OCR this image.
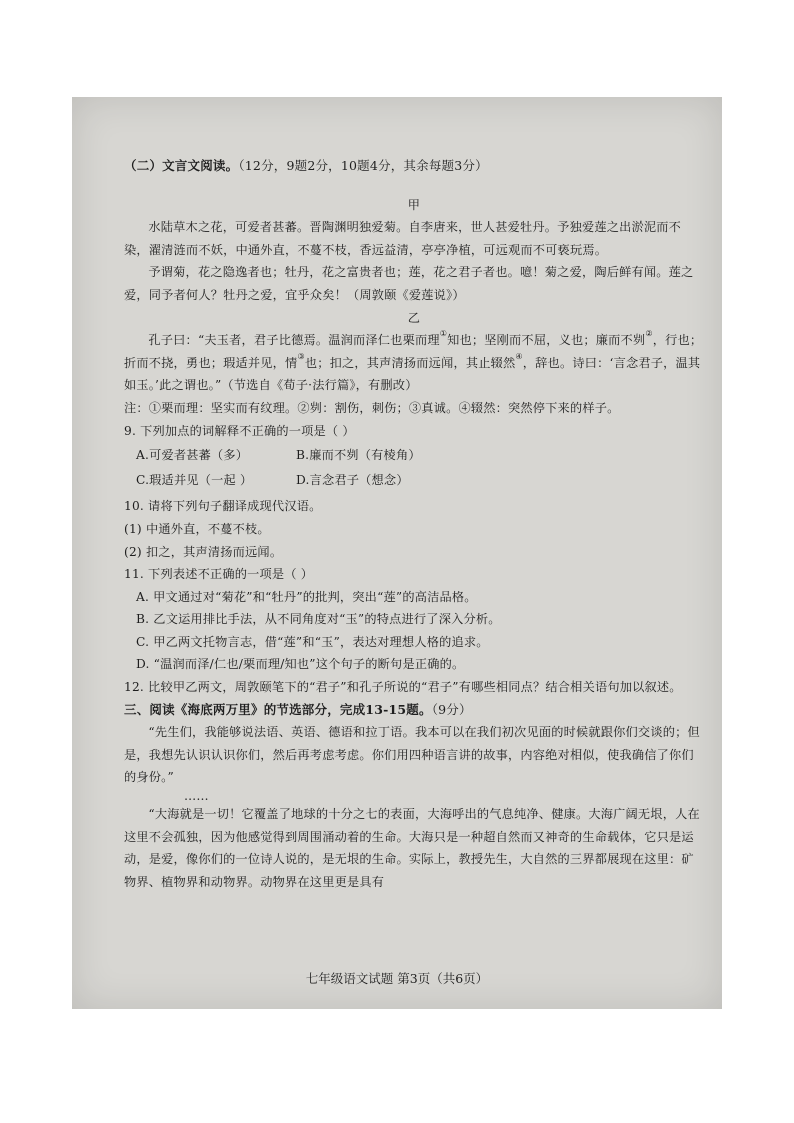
（二）文言文阅读。（12分，9题2分，10题4分，其余每题3分）
甲

水陆草木之花，可爱者甚蕃。晋陶渊明独爱菊。自李唐来，世人甚爱牡丹。予独爱莲之出淤泥而不染，濯清涟而不妖，中通外直，不蔓不枝，香远益清，亭亭净植，可远观而不可亵玩焉。

予谓菊，花之隐逸者也；牡丹，花之富贵者也；莲，花之君子者也。噫！菊之爱，陶后鲜有闻。莲之爱，同予者何人？牡丹之爱，宜乎众矣！（周敦颐《爱莲说》）

乙

孔子曰：“夫玉者，君子比德焉。温润而泽仁也栗而理①知也；坚刚而不屈，义也；廉而不刿②，行也；折而不挠，勇也；瑕适并见，情③也；扣之，其声清扬而远闻，其止辍然④，辞也。诗曰：‘言念君子，温其如玉。’此之谓也。”（节选自《荀子·法行篇》，有删改）

注：①栗而理：坚实而有纹理。②刿：割伤，刺伤；③真诚。④辍然：突然停下来的样子。

9. 下列加点的词解释不正确的一项是（ ）

A.可爱者甚蕃（多）	B.廉而不刿（有棱角）
C.瑕适并见（一起 ）	D.言念君子（想念）

10. 请将下列句子翻译成现代汉语。

(1) 中通外直，不蔓不枝。

(2) 扣之，其声清扬而远闻。

11. 下列表述不正确的一项是（ ）

A. 甲文通过对“菊花”和“牡丹”的批判，突出“莲”的高洁品格。

B. 乙文运用排比手法，从不同角度对“玉”的特点进行了深入分析。

C. 甲乙两文托物言志，借“莲”和“玉”，表达对理想人格的追求。

D. “温润而泽/仁也/栗而理/知也”这个句子的断句是正确的。

12. 比较甲乙两文，周敦颐笔下的“君子”和孔子所说的“君子”有哪些相同点？结合相关语句加以叙述。

三、阅读《海底两万里》的节选部分，完成13-15题。（9分）

“先生们，我能够说法语、英语、德语和拉丁语。我本可以在我们初次见面的时候就跟你们交谈的；但是，我想先认识认识你们，然后再考虑考虑。你们用四种语言讲的故事，内容绝对相似，使我确信了你们的身份。”

……

“大海就是一切！它覆盖了地球的十分之七的表面，大海呼出的气息纯净、健康。大海广阔无垠，人在这里不会孤独，因为他感觉得到周围涌动着的生命。大海只是一种超自然而又神奇的生命载体，它只是运动，是爱，像你们的一位诗人说的，是无垠的生命。实际上，教授先生，大自然的三界都展现在这里：矿物界、植物界和动物界。动物界在这里更是具有

七年级语文试题 第3页（共6页）
